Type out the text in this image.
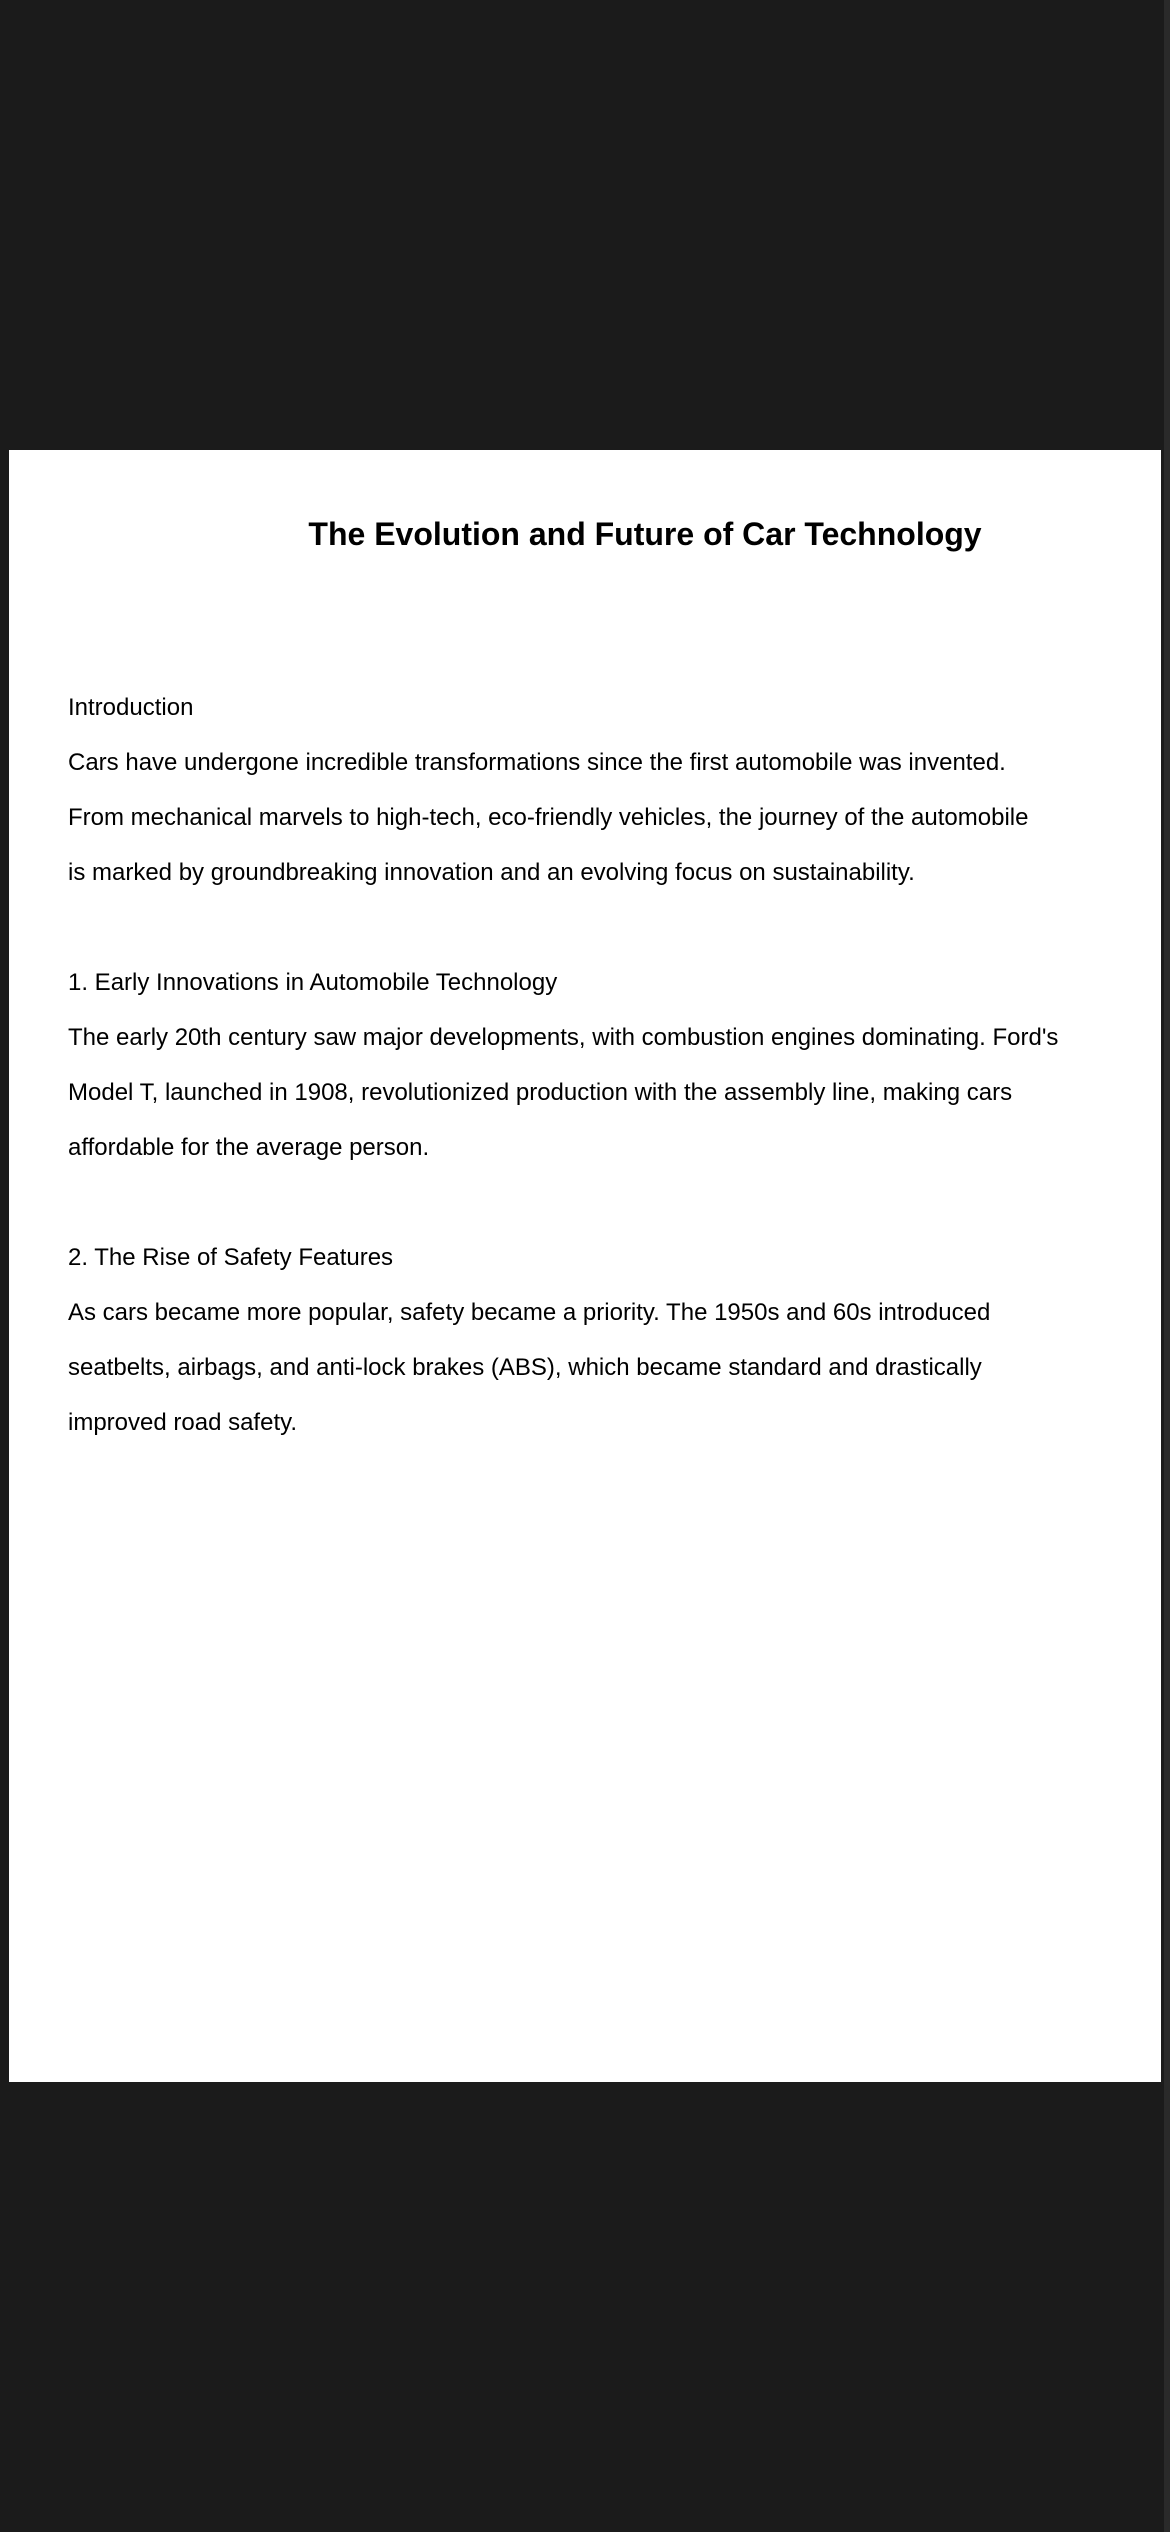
The Evolution and Future of Car Technology
Introduction

Cars have undergone incredible transformations since the first automobile was invented.
From mechanical marvels to high-tech, eco-friendly vehicles, the journey of the automobile
is marked by groundbreaking innovation and an evolving focus on sustainability.

1. Early Innovations in Automobile Technology

The early 20th century saw major developments, with combustion engines dominating. Ford's
Model T, launched in 1908, revolutionized production with the assembly line, making cars
affordable for the average person.

2. The Rise of Safety Features

As cars became more popular, safety became a priority. The 1950s and 60s introduced
seatbelts, airbags, and anti-lock brakes (ABS), which became standard and drastically
improved road safety.
